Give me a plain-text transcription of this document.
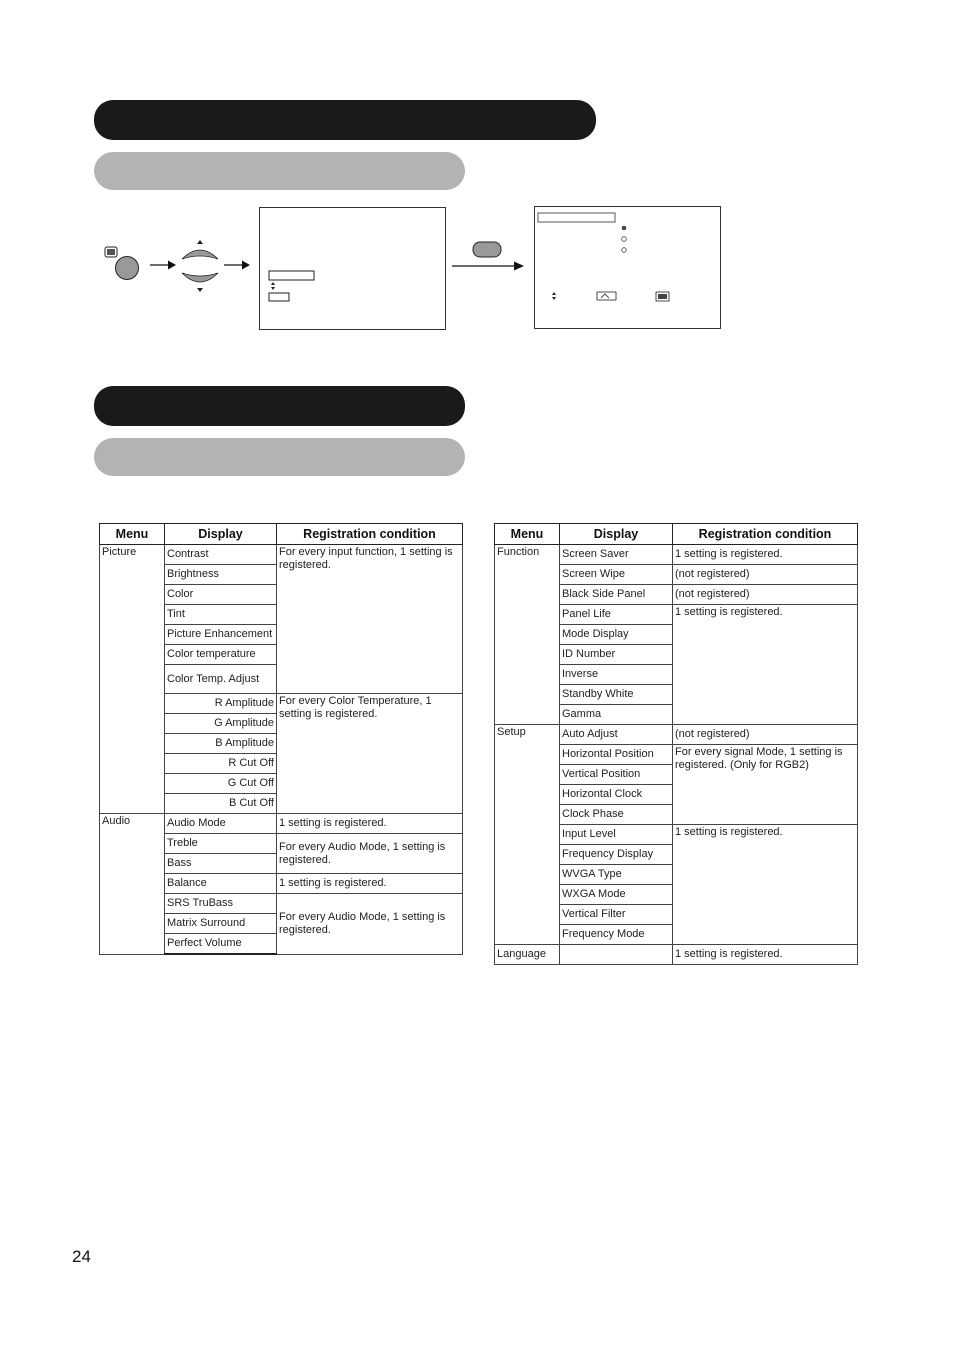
Menu	Display	Registration condition
Picture	Contrast	For every input function, 1 setting is registered.
	Brightness	
	Color	
	Tint	
	Picture Enhancement	
	Color temperature	
	Color Temp. Adjust	
	R Amplitude	For every Color Temperature, 1 setting is registered.
	G Amplitude	
	B Amplitude	
	R Cut Off	
	G Cut Off	
	B Cut Off	
Audio	Audio Mode	1 setting is registered.
	Treble	For every Audio Mode, 1 setting is registered.
	Bass	
	Balance	1 setting is registered.
	SRS TruBass	For every Audio Mode, 1 setting is registered.
	Matrix Surround	
	Perfect Volume	
Menu	Display	Registration condition
Function	Screen Saver	1 setting is registered.
	Screen Wipe	(not registered)
	Black Side Panel	(not registered)
	Panel Life	1 setting is registered.
	Mode Display	
	ID Number	
	Inverse	
	Standby White	
	Gamma	
Setup	Auto Adjust	(not registered)
	Horizontal Position	For every signal Mode, 1 setting is registered. (Only for RGB2)
	Vertical Position	
	Horizontal Clock	
	Clock Phase	
	Input Level	1 setting is registered.
	Frequency Display	
	WVGA Type	
	WXGA Mode	
	Vertical Filter	
	Frequency Mode	
Language		1 setting is registered.
24
